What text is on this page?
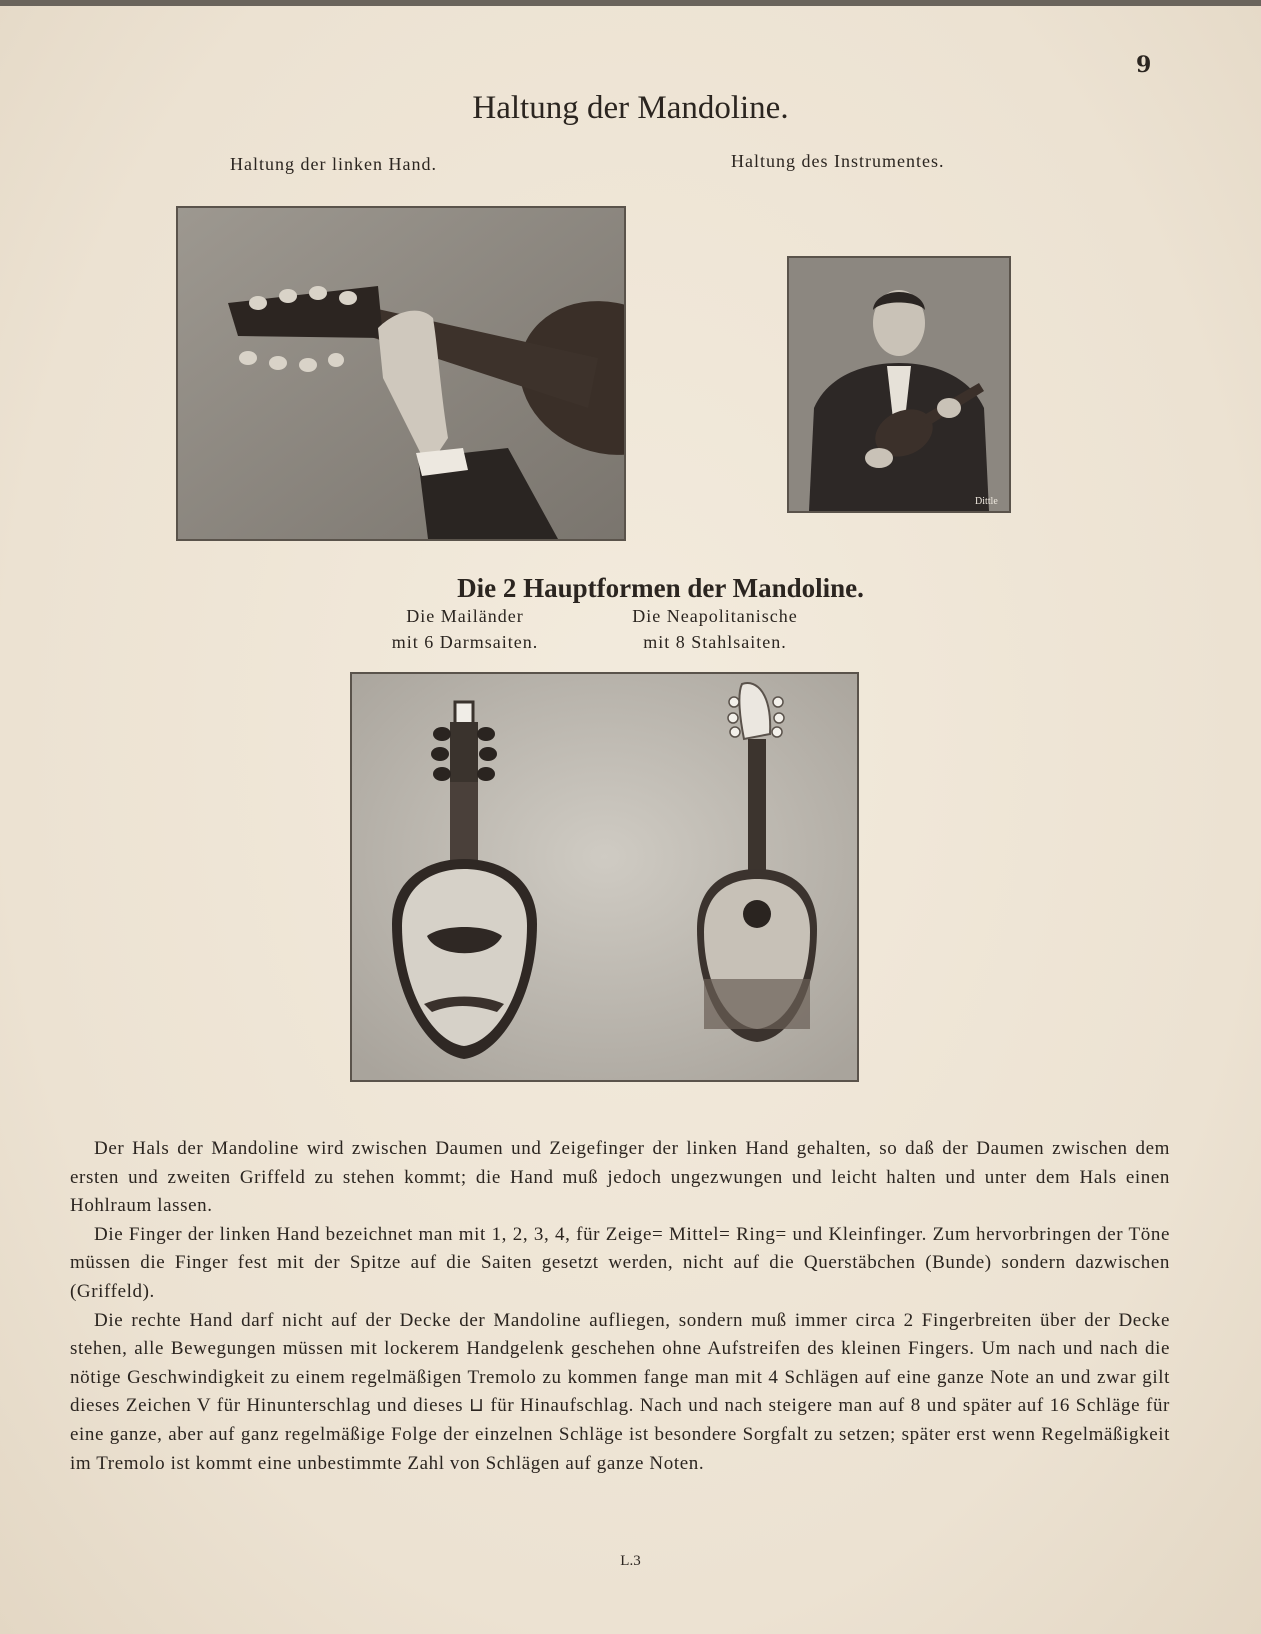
9
Haltung der Mandoline.
Haltung der linken Hand.	Haltung des Instrumentes.
Dittle
Die 2 Hauptformen der Mandoline.
Die Mailänder
mit 6 Darmsaiten.
Die Neapolitanische
mit 8 Stahlsaiten.

Der Hals der Mandoline wird zwischen Daumen und Zeigefinger der linken Hand gehalten, so daß der Daumen zwischen dem ersten und zweiten Griffeld zu stehen kommt; die Hand muß jedoch ungezwungen und leicht halten und unter dem Hals einen Hohlraum lassen.

Die Finger der linken Hand bezeichnet man mit 1, 2, 3, 4, für Zeige= Mittel= Ring= und Kleinfinger. Zum hervorbringen der Töne müssen die Finger fest mit der Spitze auf die Saiten gesetzt werden, nicht auf die Querstäbchen (Bunde) sondern dazwischen (Griffeld).

Die rechte Hand darf nicht auf der Decke der Mandoline aufliegen, sondern muß immer circa 2 Fingerbreiten über der Decke stehen, alle Bewegungen müssen mit lockerem Handgelenk geschehen ohne Aufstreifen des kleinen Fingers. Um nach und nach die nötige Geschwindigkeit zu einem regelmäßigen Tremolo zu kommen fange man mit 4 Schlägen auf eine ganze Note an und zwar gilt dieses Zeichen V für Hinunterschlag und dieses ⊔ für Hinaufschlag. Nach und nach steigere man auf 8 und später auf 16 Schläge für eine ganze, aber auf ganz regelmäßige Folge der einzelnen Schläge ist besondere Sorgfalt zu setzen; später erst wenn Regelmäßigkeit im Tremolo ist kommt eine unbestimmte Zahl von Schlägen auf ganze Noten.

L.3
